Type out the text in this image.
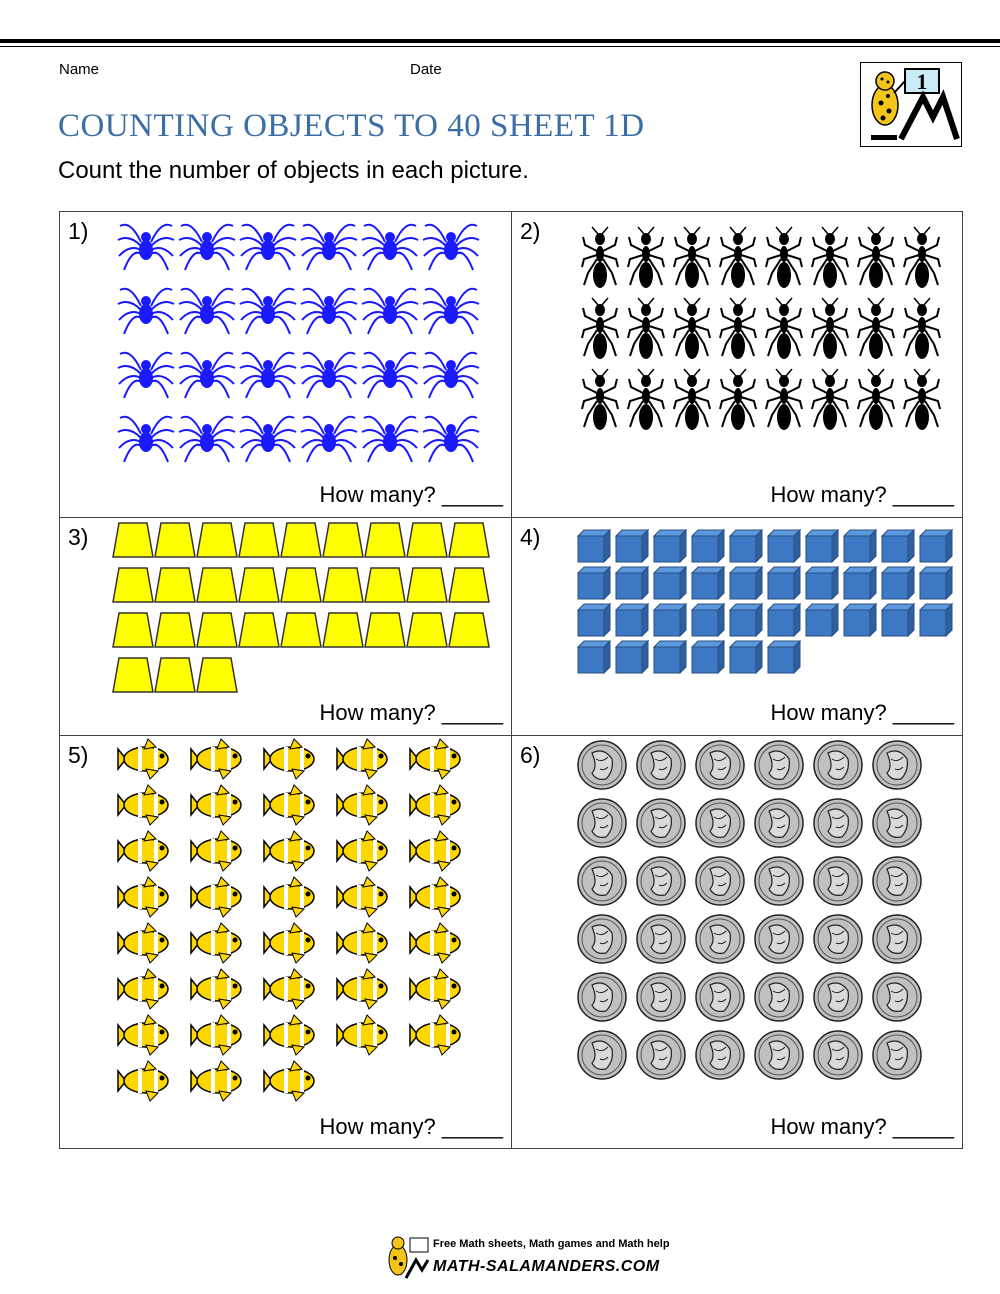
Name	Date
COUNTING OBJECTS TO 40 SHEET 1D
Count the number of objects in each picture.
1
1)
How many? _____
2)
How many? _____
3)
How many? _____
4)
How many? _____
5)
How many? _____
6)
How many? _____
Free Math sheets, Math games and Math help
MATH-SALAMANDERS.COM
